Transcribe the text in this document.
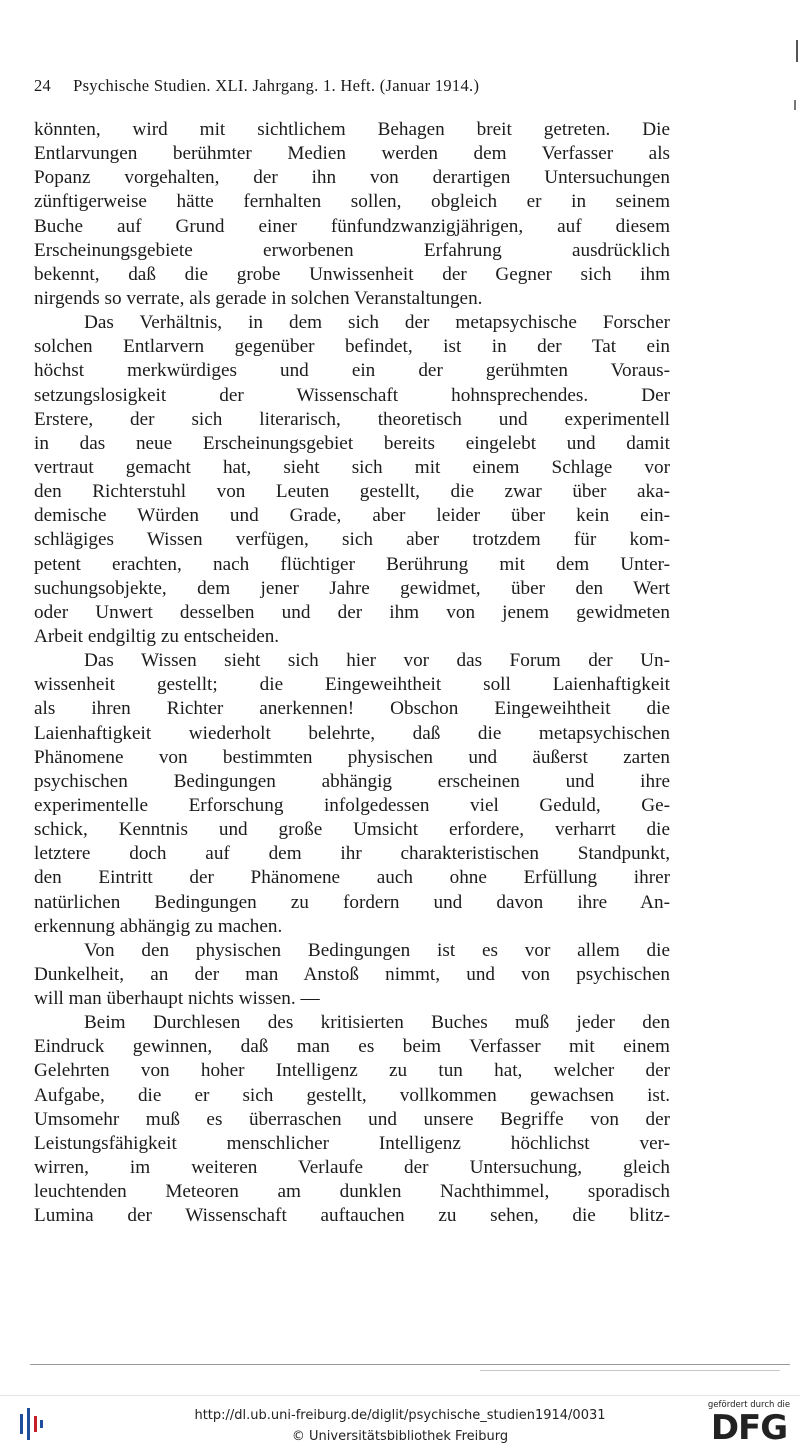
24 Psychische Studien. XLI. Jahrgang. 1. Heft. (Januar 1914.)
könnten, wird mit sichtlichem Behagen breit getreten. Die
Entlarvungen berühmter Medien werden dem Verfasser als
Popanz vorgehalten, der ihn von derartigen Untersuchungen
zünftigerweise hätte fernhalten sollen, obgleich er in seinem
Buche auf Grund einer fünfundzwanzigjährigen, auf diesem
Erscheinungsgebiete erworbenen Erfahrung ausdrücklich
bekennt, daß die grobe Unwissenheit der Gegner sich ihm
nirgends so verrate, als gerade in solchen Veranstaltungen.
Das Verhältnis, in dem sich der metapsychische Forscher
solchen Entlarvern gegenüber befindet, ist in der Tat ein
höchst merkwürdiges und ein der gerühmten Voraus-
setzungslosigkeit der Wissenschaft hohnsprechendes. Der
Erstere, der sich literarisch, theoretisch und experimentell
in das neue Erscheinungsgebiet bereits eingelebt und damit
vertraut gemacht hat, sieht sich mit einem Schlage vor
den Richterstuhl von Leuten gestellt, die zwar über aka-
demische Würden und Grade, aber leider über kein ein-
schlägiges Wissen verfügen, sich aber trotzdem für kom-
petent erachten, nach flüchtiger Berührung mit dem Unter-
suchungsobjekte, dem jener Jahre gewidmet, über den Wert
oder Unwert desselben und der ihm von jenem gewidmeten
Arbeit endgiltig zu entscheiden.
Das Wissen sieht sich hier vor das Forum der Un-
wissenheit gestellt; die Eingeweihtheit soll Laienhaftigkeit
als ihren Richter anerkennen! Obschon Eingeweihtheit die
Laienhaftigkeit wiederholt belehrte, daß die metapsychischen
Phänomene von bestimmten physischen und äußerst zarten
psychischen Bedingungen abhängig erscheinen und ihre
experimentelle Erforschung infolgedessen viel Geduld, Ge-
schick, Kenntnis und große Umsicht erfordere, verharrt die
letztere doch auf dem ihr charakteristischen Standpunkt,
den Eintritt der Phänomene auch ohne Erfüllung ihrer
natürlichen Bedingungen zu fordern und davon ihre An-
erkennung abhängig zu machen.
Von den physischen Bedingungen ist es vor allem die
Dunkelheit, an der man Anstoß nimmt, und von psychischen
will man überhaupt nichts wissen. —
Beim Durchlesen des kritisierten Buches muß jeder den
Eindruck gewinnen, daß man es beim Verfasser mit einem
Gelehrten von hoher Intelligenz zu tun hat, welcher der
Aufgabe, die er sich gestellt, vollkommen gewachsen ist.
Umsomehr muß es überraschen und unsere Begriffe von der
Leistungsfähigkeit menschlicher Intelligenz höchlichst ver-
wirren, im weiteren Verlaufe der Untersuchung, gleich
leuchtenden Meteoren am dunklen Nachthimmel, sporadisch
Lumina der Wissenschaft auftauchen zu sehen, die blitz-
http://dl.ub.uni-freiburg.de/diglit/psychische_studien1914/0031
© Universitätsbibliothek Freiburg
gefördert durch die
DFG
